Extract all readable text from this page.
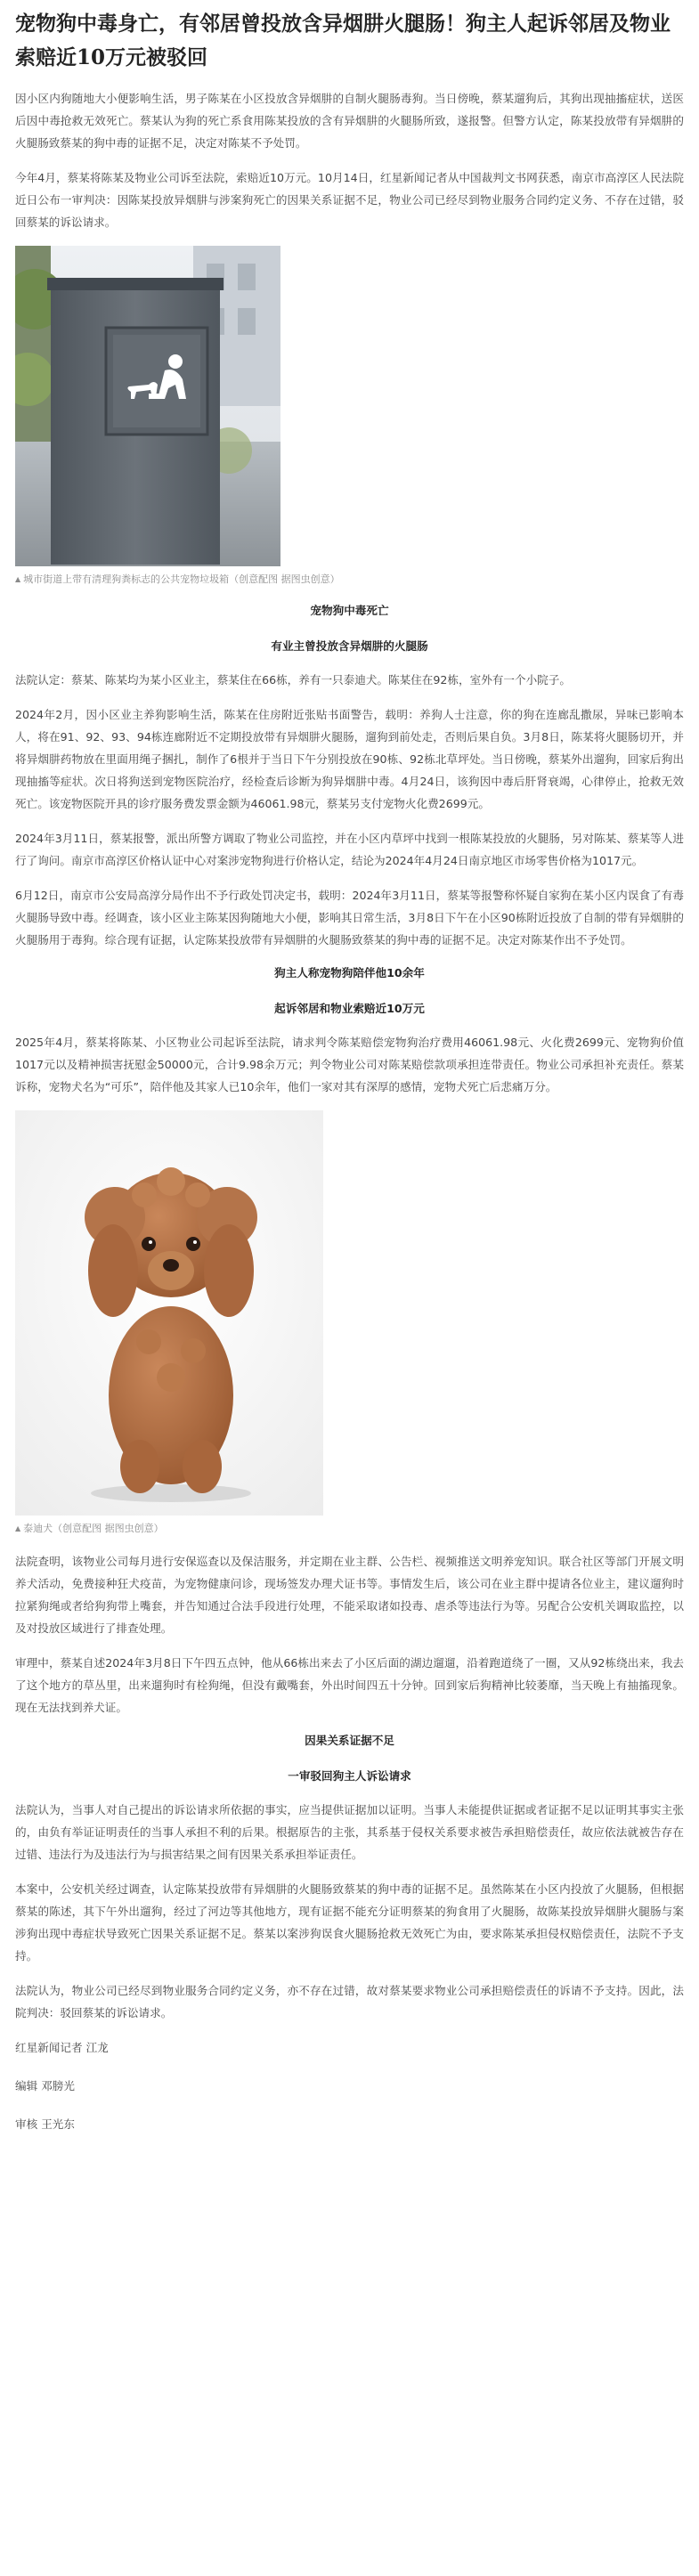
宠物狗中毒身亡，有邻居曾投放含异烟肼火腿肠！狗主人起诉邻居及物业索赔近10万元被驳回

因小区内狗随地大小便影响生活，男子陈某在小区投放含异烟肼的自制火腿肠毒狗。当日傍晚，蔡某遛狗后，其狗出现抽搐症状，送医后因中毒抢救无效死亡。蔡某认为狗的死亡系食用陈某投放的含有异烟肼的火腿肠所致，遂报警。但警方认定，陈某投放带有异烟肼的火腿肠致蔡某的狗中毒的证据不足，决定对陈某不予处罚。

今年4月，蔡某将陈某及物业公司诉至法院，索赔近10万元。10月14日，红星新闻记者从中国裁判文书网获悉，南京市高淳区人民法院近日公布一审判决：因陈某投放异烟肼与涉案狗死亡的因果关系证据不足，物业公司已经尽到物业服务合同约定义务、不存在过错，驳回蔡某的诉讼请求。

▲ 城市街道上带有清理狗粪标志的公共宠物垃圾箱（创意配图 据图虫创意）

宠物狗中毒死亡

有业主曾投放含异烟肼的火腿肠

法院认定：蔡某、陈某均为某小区业主，蔡某住在66栋，养有一只泰迪犬。陈某住在92栋，室外有一个小院子。

2024年2月，因小区业主养狗影响生活，陈某在住房附近张贴书面警告，载明：养狗人士注意，你的狗在连廊乱撒尿，异味已影响本人，将在91、92、93、94栋连廊附近不定期投放带有异烟肼火腿肠，遛狗到前处走，否则后果自负。3月8日，陈某将火腿肠切开，并将异烟肼药物放在里面用绳子捆扎，制作了6根并于当日下午分别投放在90栋、92栋北草坪处。当日傍晚，蔡某外出遛狗，回家后狗出现抽搐等症状。次日将狗送到宠物医院治疗，经检查后诊断为狗异烟肼中毒。4月24日，该狗因中毒后肝肾衰竭，心律停止，抢救无效死亡。该宠物医院开具的诊疗服务费发票金额为46061.98元，蔡某另支付宠物火化费2699元。

2024年3月11日，蔡某报警，派出所警方调取了物业公司监控，并在小区内草坪中找到一根陈某投放的火腿肠，另对陈某、蔡某等人进行了询问。南京市高淳区价格认证中心对案涉宠物狗进行价格认定，结论为2024年4月24日南京地区市场零售价格为1017元。

6月12日，南京市公安局高淳分局作出不予行政处罚决定书，载明：2024年3月11日，蔡某等报警称怀疑自家狗在某小区内误食了有毒火腿肠导致中毒。经调查，该小区业主陈某因狗随地大小便，影响其日常生活，3月8日下午在小区90栋附近投放了自制的带有异烟肼的火腿肠用于毒狗。综合现有证据，认定陈某投放带有异烟肼的火腿肠致蔡某的狗中毒的证据不足。决定对陈某作出不予处罚。

狗主人称宠物狗陪伴他10余年

起诉邻居和物业索赔近10万元

2025年4月，蔡某将陈某、小区物业公司起诉至法院，请求判令陈某赔偿宠物狗治疗费用46061.98元、火化费2699元、宠物狗价值1017元以及精神损害抚慰金50000元，合计9.98余万元；判令物业公司对陈某赔偿款项承担连带责任。物业公司承担补充责任。蔡某诉称，宠物犬名为“可乐”，陪伴他及其家人已10余年，他们一家对其有深厚的感情，宠物犬死亡后悲痛万分。

▲ 泰迪犬（创意配图 据图虫创意）

法院查明，该物业公司每月进行安保巡查以及保洁服务，并定期在业主群、公告栏、视频推送文明养宠知识。联合社区等部门开展文明养犬活动，免费接种狂犬疫苗，为宠物健康问诊，现场签发办理犬证书等。事情发生后，该公司在业主群中提请各位业主，建议遛狗时拉紧狗绳或者给狗狗带上嘴套，并告知通过合法手段进行处理，不能采取诸如投毒、虐杀等违法行为等。另配合公安机关调取监控，以及对投放区域进行了排查处理。

审理中，蔡某自述2024年3月8日下午四五点钟，他从66栋出来去了小区后面的湖边遛遛，沿着跑道绕了一圈，又从92栋绕出来，我去了这个地方的草丛里，出来遛狗时有栓狗绳，但没有戴嘴套，外出时间四五十分钟。回到家后狗精神比较萎靡，当天晚上有抽搐现象。现在无法找到养犬证。

因果关系证据不足

一审驳回狗主人诉讼请求

法院认为，当事人对自己提出的诉讼请求所依据的事实，应当提供证据加以证明。当事人未能提供证据或者证据不足以证明其事实主张的，由负有举证证明责任的当事人承担不利的后果。根据原告的主张，其系基于侵权关系要求被告承担赔偿责任，故应依法就被告存在过错、违法行为及违法行为与损害结果之间有因果关系承担举证责任。

本案中，公安机关经过调查，认定陈某投放带有异烟肼的火腿肠致蔡某的狗中毒的证据不足。虽然陈某在小区内投放了火腿肠，但根据蔡某的陈述，其下午外出遛狗，经过了河边等其他地方，现有证据不能充分证明蔡某的狗食用了火腿肠，故陈某投放异烟肼火腿肠与案涉狗出现中毒症状导致死亡因果关系证据不足。蔡某以案涉狗误食火腿肠抢救无效死亡为由，要求陈某承担侵权赔偿责任，法院不予支持。

法院认为，物业公司已经尽到物业服务合同约定义务，亦不存在过错，故对蔡某要求物业公司承担赔偿责任的诉请不予支持。因此，法院判决：驳回蔡某的诉讼请求。

红星新闻记者 江龙

编辑 邓膀光

审核 王光东
